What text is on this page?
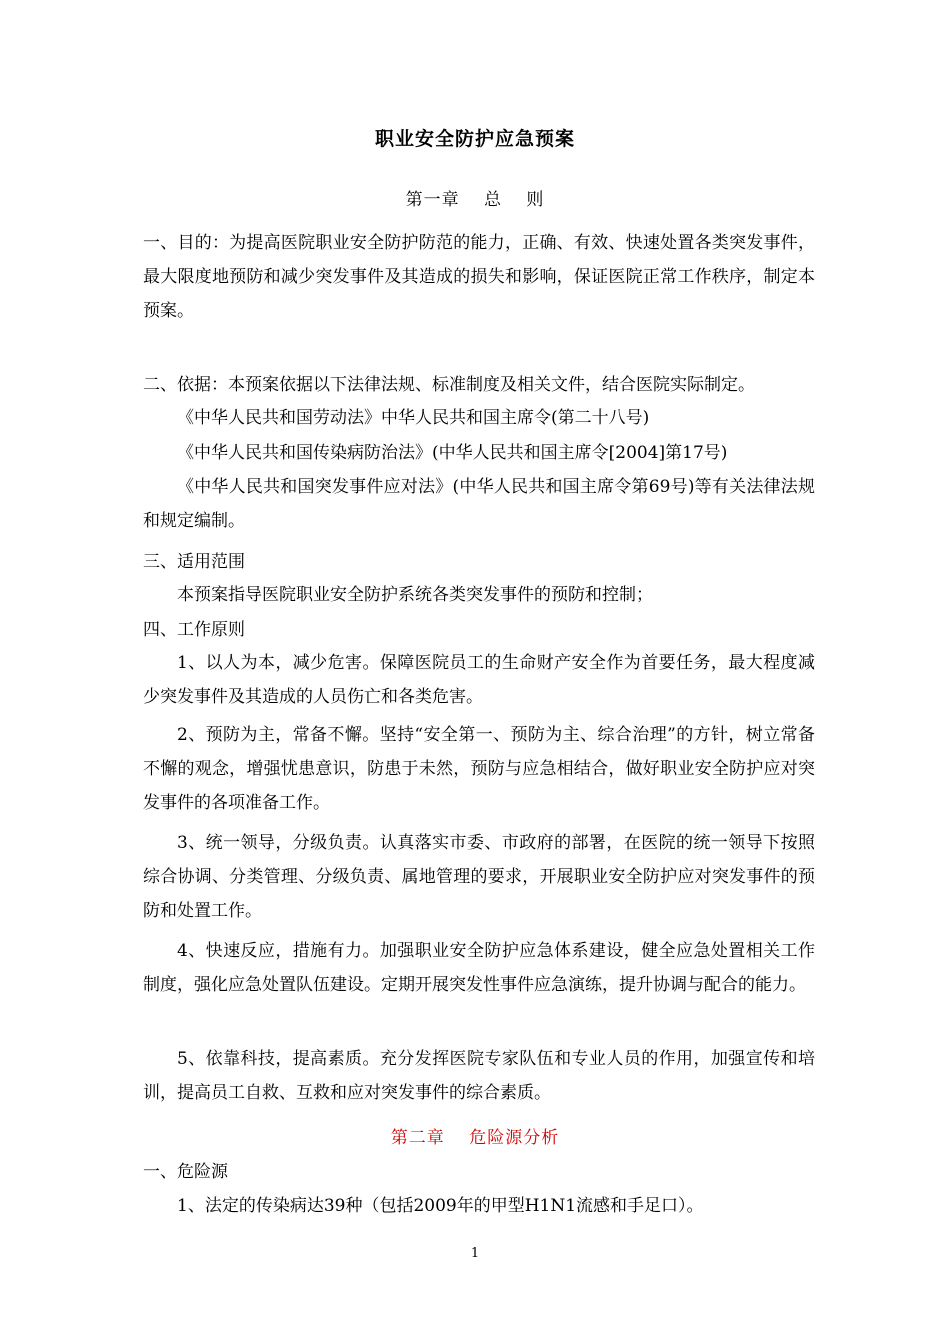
职业安全防护应急预案
第一章　 总　 则
一、目的：为提高医院职业安全防护防范的能力，正确、有效、快速处置各类突发事件，最大限度地预防和减少突发事件及其造成的损失和影响，保证医院正常工作秩序，制定本预案。
二、依据：本预案依据以下法律法规、标准制度及相关文件，结合医院实际制定。
《中华人民共和国劳动法》中华人民共和国主席令(第二十八号)
《中华人民共和国传染病防治法》(中华人民共和国主席令[2004]第17号)
《中华人民共和国突发事件应对法》(中华人民共和国主席令第69号)等有关法律法规和规定编制。
三、适用范围
本预案指导医院职业安全防护系统各类突发事件的预防和控制；
四、工作原则
1、以人为本，减少危害。保障医院员工的生命财产安全作为首要任务，最大程度减少突发事件及其造成的人员伤亡和各类危害。
2、预防为主，常备不懈。坚持“安全第一、预防为主、综合治理”的方针，树立常备不懈的观念，增强忧患意识，防患于未然，预防与应急相结合，做好职业安全防护应对突发事件的各项准备工作。
3、统一领导，分级负责。认真落实市委、市政府的部署，在医院的统一领导下按照综合协调、分类管理、分级负责、属地管理的要求，开展职业安全防护应对突发事件的预防和处置工作。
4、快速反应，措施有力。加强职业安全防护应急体系建设，健全应急处置相关工作制度，强化应急处置队伍建设。定期开展突发性事件应急演练，提升协调与配合的能力。
5、依靠科技，提高素质。充分发挥医院专家队伍和专业人员的作用，加强宣传和培训，提高员工自救、互救和应对突发事件的综合素质。
第二章　 危险源分析
一、危险源
1、法定的传染病达39种（包括2009年的甲型H1N1流感和手足口）。
1
